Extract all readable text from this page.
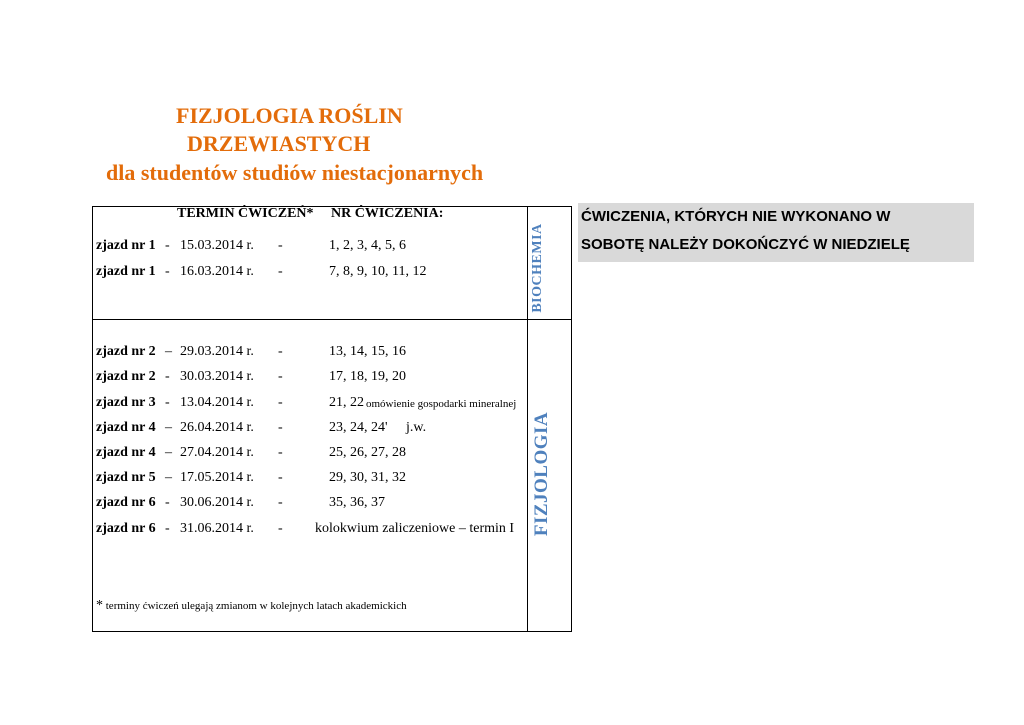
FIZJOLOGIA ROŚLIN
DRZEWIASTYCH
dla studentów studiów niestacjonarnych
TERMIN ĆWICZEŃ* NR ĆWICZENIA:
zjazd nr 1 - 15.03.2014 r. -	1, 2, 3, 4, 5, 6
zjazd nr 1 - 16.03.2014 r. -	7, 8, 9, 10, 11, 12
zjazd nr 2 – 29.03.2014 r. -	13, 14, 15, 16
zjazd nr 2 - 30.03.2014 r. -	17, 18, 19, 20
zjazd nr 3 - 13.04.2014 r. -	21, 22 omówienie gospodarki mineralnej
zjazd nr 4 – 26.04.2014 r. -	23, 24, 24' j.w.
zjazd nr 4 – 27.04.2014 r. -	25, 26, 27, 28
zjazd nr 5 – 17.05.2014 r. -	29, 30, 31, 32
zjazd nr 6 - 30.06.2014 r. -	35, 36, 37
zjazd nr 6 - 31.06.2014 r. - kolokwium zaliczeniowe – termin I
BIOCHEMIA
FIZJOLOGIA
* terminy ćwiczeń ulegają zmianom w kolejnych latach akademickich
ĆWICZENIA, KTÓRYCH NIE WYKONANO W
SOBOTĘ NALEŻY DOKOŃCZYĆ W NIEDZIELĘ
